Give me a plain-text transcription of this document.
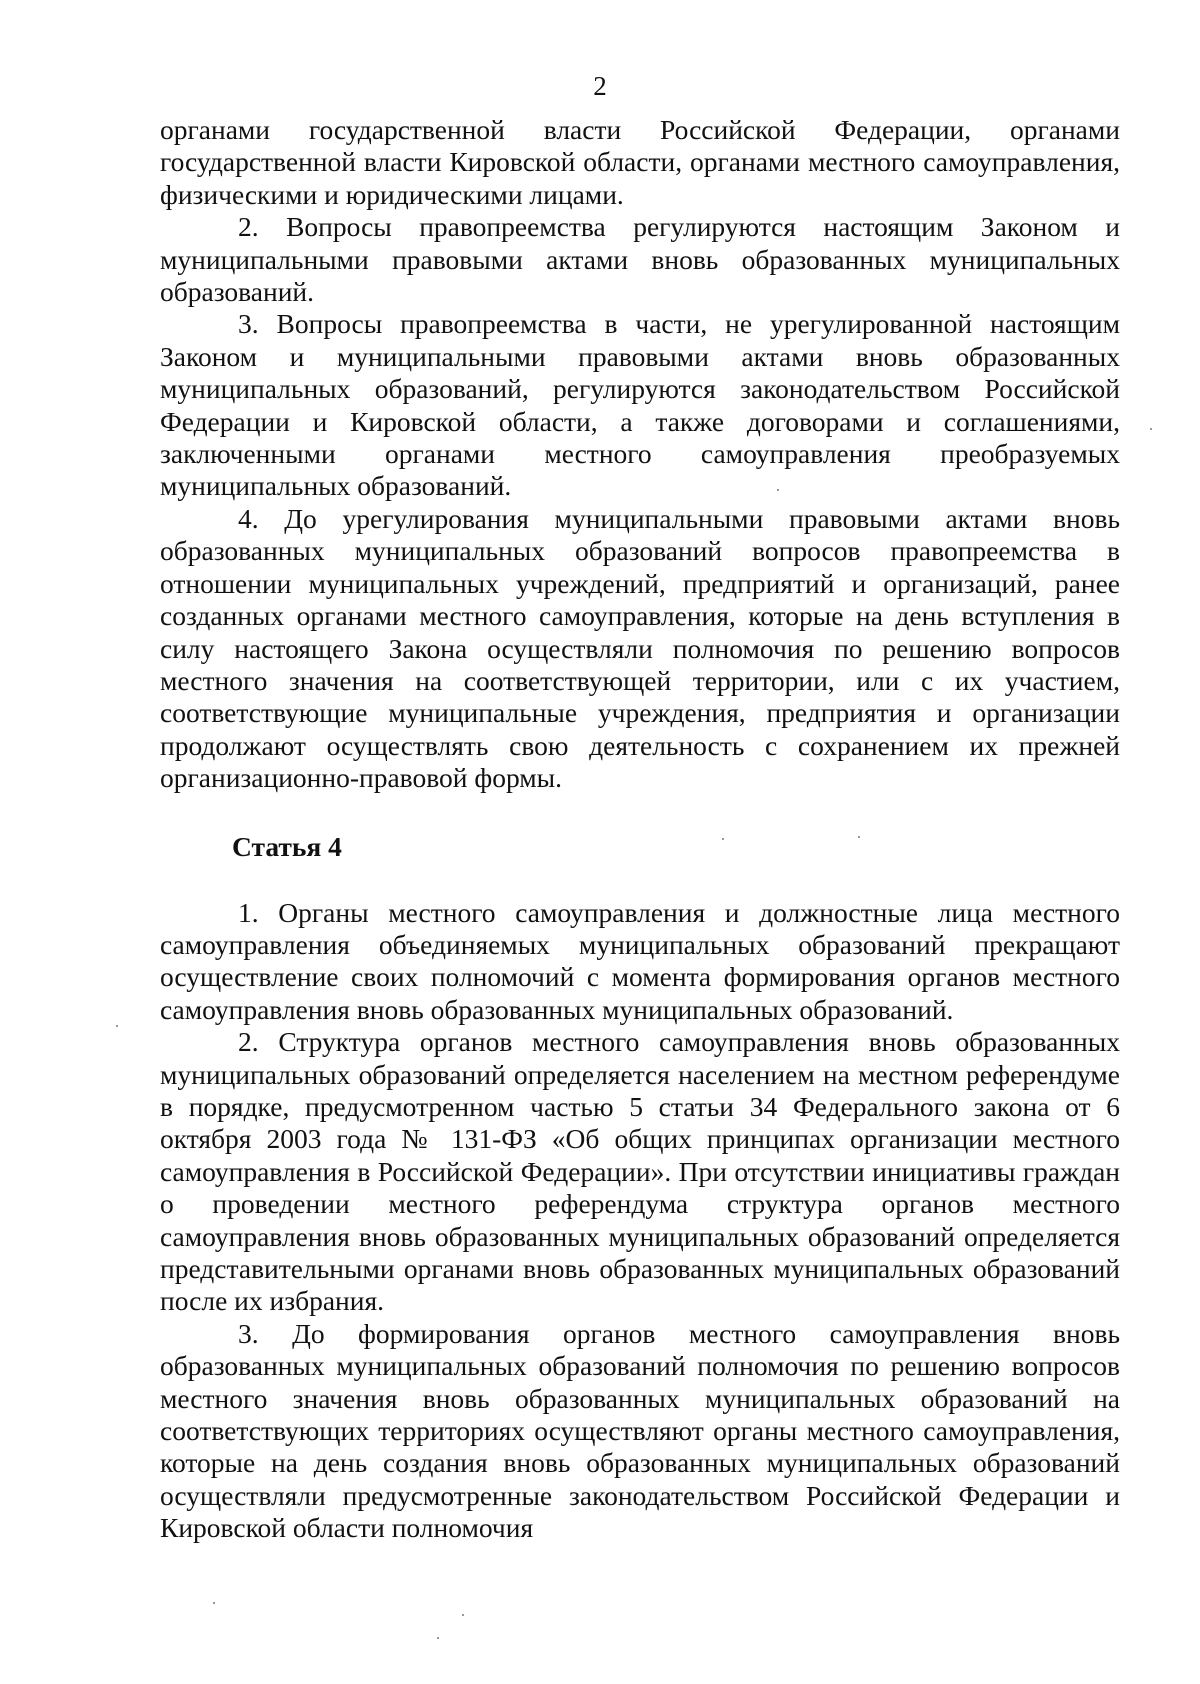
2

органами государственной власти Российской Федерации, органами государственной власти Кировской области, органами местного самоуправления, физическими и юридическими лицами.

2. Вопросы правопреемства регулируются настоящим Законом и муниципальными правовыми актами вновь образованных муниципальных образований.

3. Вопросы правопреемства в части, не урегулированной настоящим Законом и муниципальными правовыми актами вновь образованных муниципальных образований, регулируются законодательством Российской Федерации и Кировской области, а также договорами и соглашениями, заключенными органами местного самоуправления преобразуемых муниципальных образований.

4. До урегулирования муниципальными правовыми актами вновь образованных муниципальных образований вопросов правопреемства в отношении муниципальных учреждений, предприятий и организаций, ранее созданных органами местного самоуправления, которые на день вступления в силу настоящего Закона осуществляли полномочия по решению вопросов местного значения на соответствующей территории, или с их участием, соответствующие муниципальные учреждения, предприятия и организации продолжают осуществлять свою деятельность с сохранением их прежней организационно-правовой формы.

Статья 4

1. Органы местного самоуправления и должностные лица местного самоуправления объединяемых муниципальных образований прекращают осуществление своих полномочий с момента формирования органов местного самоуправления вновь образованных муниципальных образований.

2. Структура органов местного самоуправления вновь образованных муниципальных образований определяется населением на местном референдуме в порядке, предусмотренном частью 5 статьи 34 Федерального закона от 6 октября 2003 года № 131-ФЗ «Об общих принципах организации местного самоуправления в Российской Федерации». При отсутствии инициативы граждан о проведении местного референдума структура органов местного самоуправления вновь образованных муниципальных образований определяется представительными органами вновь образованных муниципальных образований после их избрания.

3. До формирования органов местного самоуправления вновь образованных муниципальных образований полномочия по решению вопросов местного значения вновь образованных муниципальных образований на соответствующих территориях осуществляют органы местного самоуправления, которые на день создания вновь образованных муниципальных образований осуществляли предусмотренные законодательством Российской Федерации и Кировской области полномочия
